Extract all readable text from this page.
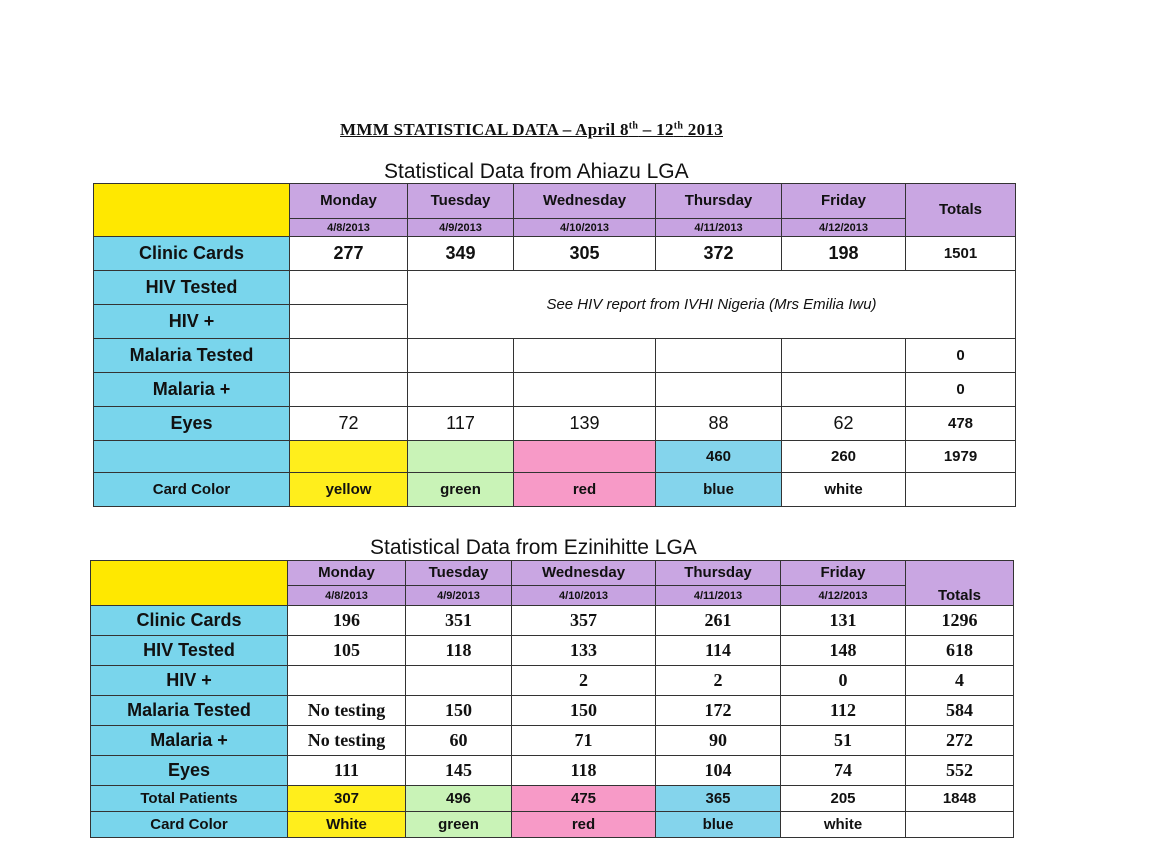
MMM STATISTICAL DATA – April 8th – 12th 2013
Statistical Data from Ahiazu LGA
	Monday	Tuesday	Wednesday	Thursday	Friday	Totals	
	4/8/2013	4/9/2013	4/10/2013	4/11/2013	4/12/2013		
Clinic Cards	277	349	305	372	198	1501	
HIV Tested		See HIV report from IVHI Nigeria (Mrs Emilia Iwu)	
HIV +		
Malaria Tested						0	
Malaria +						0	
Eyes	72	117	139	88	62	478	
				460	260	1979	
Card Color	yellow	green	red	blue	white		
Statistical Data from Ezinihitte LGA
	Monday	Tuesday	Wednesday	Thursday	Friday	Totals
	4/8/2013	4/9/2013	4/10/2013	4/11/2013	4/12/2013	
Clinic Cards	196	351	357	261	131	1296
HIV Tested	105	118	133	114	148	618
HIV +			2	2	0	4
Malaria Tested	No testing	150	150	172	112	584
Malaria +	No testing	60	71	90	51	272
Eyes	111	145	118	104	74	552
Total Patients	307	496	475	365	205	1848
Card Color	White	green	red	blue	white	
